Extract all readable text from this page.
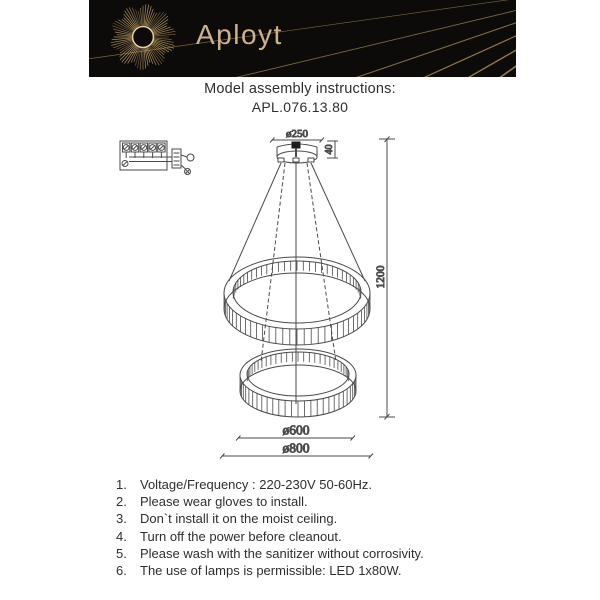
Aployt
Model assembly instructions:
APL.076.13.80
ø250
40
1200
ø600
ø800
1.	Voltage/Frequency : 220-230V 50-60Hz.
2.	Please wear gloves to install.
3.	Don`t install it on the moist ceiling.
4.	Turn off the power before cleanout.
5.	Please wash with the sanitizer without corrosivity.
6.	The use of lamps is permissible: LED 1x80W.
